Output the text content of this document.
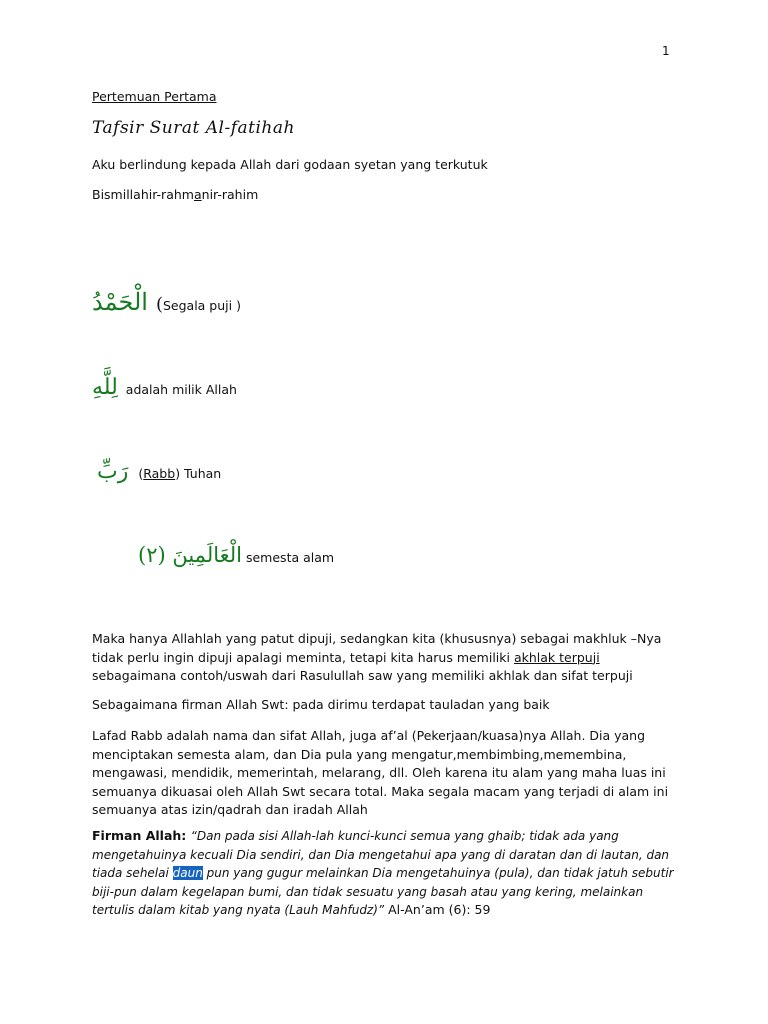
1
Pertemuan Pertama
Tafsir Surat Al-fatihah
Aku berlindung kepada Allah dari godaan syetan yang terkutuk
Bismillahir-rahmanir-rahim
الْحَمْدُ ( Segala puji )
لِلَّهِ adalah milik Allah
رَبِّ (Rabb) Tuhan
الْعَالَمِينَ (٢) semesta alam
Maka hanya Allahlah yang patut dipuji, sedangkan kita (khususnya) sebagai makhluk –Nya tidak perlu ingin dipuji apalagi meminta, tetapi kita harus memiliki akhlak terpuji sebagaimana contoh/uswah dari Rasulullah saw yang memiliki akhlak dan sifat terpuji
Sebagaimana firman Allah Swt: pada dirimu terdapat tauladan yang baik
Lafad Rabb adalah nama dan sifat Allah, juga af’al (Pekerjaan/kuasa)nya Allah. Dia yang menciptakan semesta alam, dan Dia pula yang mengatur,membimbing,memembina, mengawasi, mendidik, memerintah, melarang, dll. Oleh karena itu alam yang maha luas ini semuanya dikuasai oleh Allah Swt secara total. Maka segala macam yang terjadi di alam ini semuanya atas izin/qadrah dan iradah Allah
Firman Allah: “Dan pada sisi Allah-lah kunci-kunci semua yang ghaib; tidak ada yang mengetahuinya kecuali Dia sendiri, dan Dia mengetahui apa yang di daratan dan di lautan, dan tiada sehelai daun pun yang gugur melainkan Dia mengetahuinya (pula), dan tidak jatuh sebutir biji-pun dalam kegelapan bumi, dan tidak sesuatu yang basah atau yang kering, melainkan tertulis dalam kitab yang nyata (Lauh Mahfudz)” Al-An’am (6): 59
